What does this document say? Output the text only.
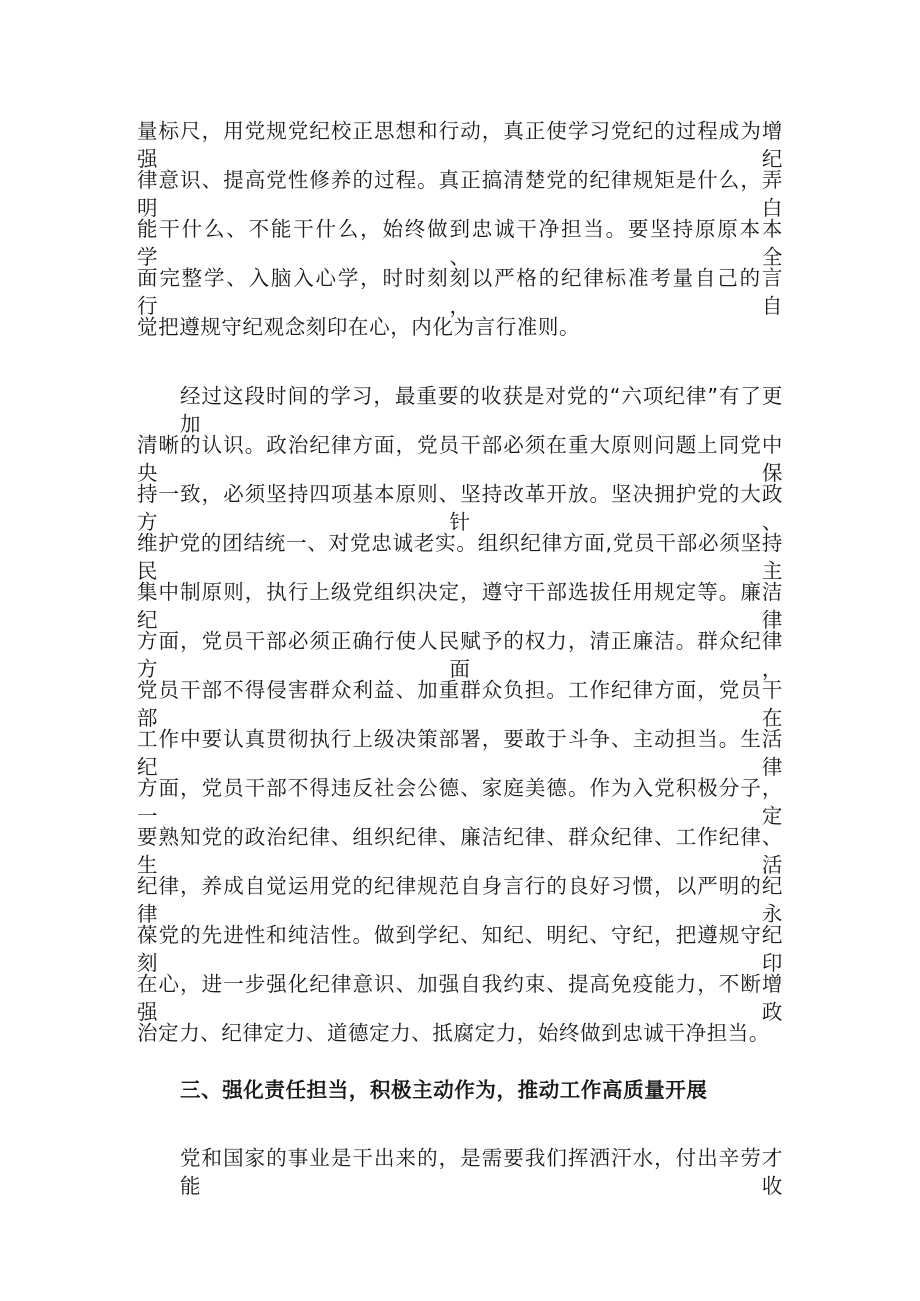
量标尺，用党规党纪校正思想和行动，真正使学习党纪的过程成为增强纪
律意识、提高党性修养的过程。真正搞清楚党的纪律规矩是什么，弄明白
能干什么、不能干什么，始终做到忠诚干净担当。要坚持原原本本学、全
面完整学、入脑入心学，时时刻刻以严格的纪律标准考量自己的言行，自
觉把遵规守纪观念刻印在心，内化为言行准则。
经过这段时间的学习，最重要的收获是对党的“六项纪律”有了更加
清晰的认识。政治纪律方面，党员干部必须在重大原则问题上同党中央保
持一致，必须坚持四项基本原则、坚持改革开放。坚决拥护党的大政方针、
维护党的团结统一、对党忠诚老实。组织纪律方面,党员干部必须坚持民主
集中制原则，执行上级党组织决定，遵守干部选拔任用规定等。廉洁纪律
方面，党员干部必须正确行使人民赋予的权力，清正廉洁。群众纪律方面，
党员干部不得侵害群众利益、加重群众负担。工作纪律方面，党员干部在
工作中要认真贯彻执行上级决策部署，要敢于斗争、主动担当。生活纪律
方面，党员干部不得违反社会公德、家庭美德。作为入党积极分子，一定
要熟知党的政治纪律、组织纪律、廉洁纪律、群众纪律、工作纪律、生活
纪律，养成自觉运用党的纪律规范自身言行的良好习惯，以严明的纪律永
葆党的先进性和纯洁性。做到学纪、知纪、明纪、守纪，把遵规守纪刻印
在心，进一步强化纪律意识、加强自我约束、提高免疫能力，不断增强政
治定力、纪律定力、道德定力、抵腐定力，始终做到忠诚干净担当。
三、强化责任担当，积极主动作为，推动工作高质量开展
党和国家的事业是干出来的，是需要我们挥洒汗水，付出辛劳才能收
